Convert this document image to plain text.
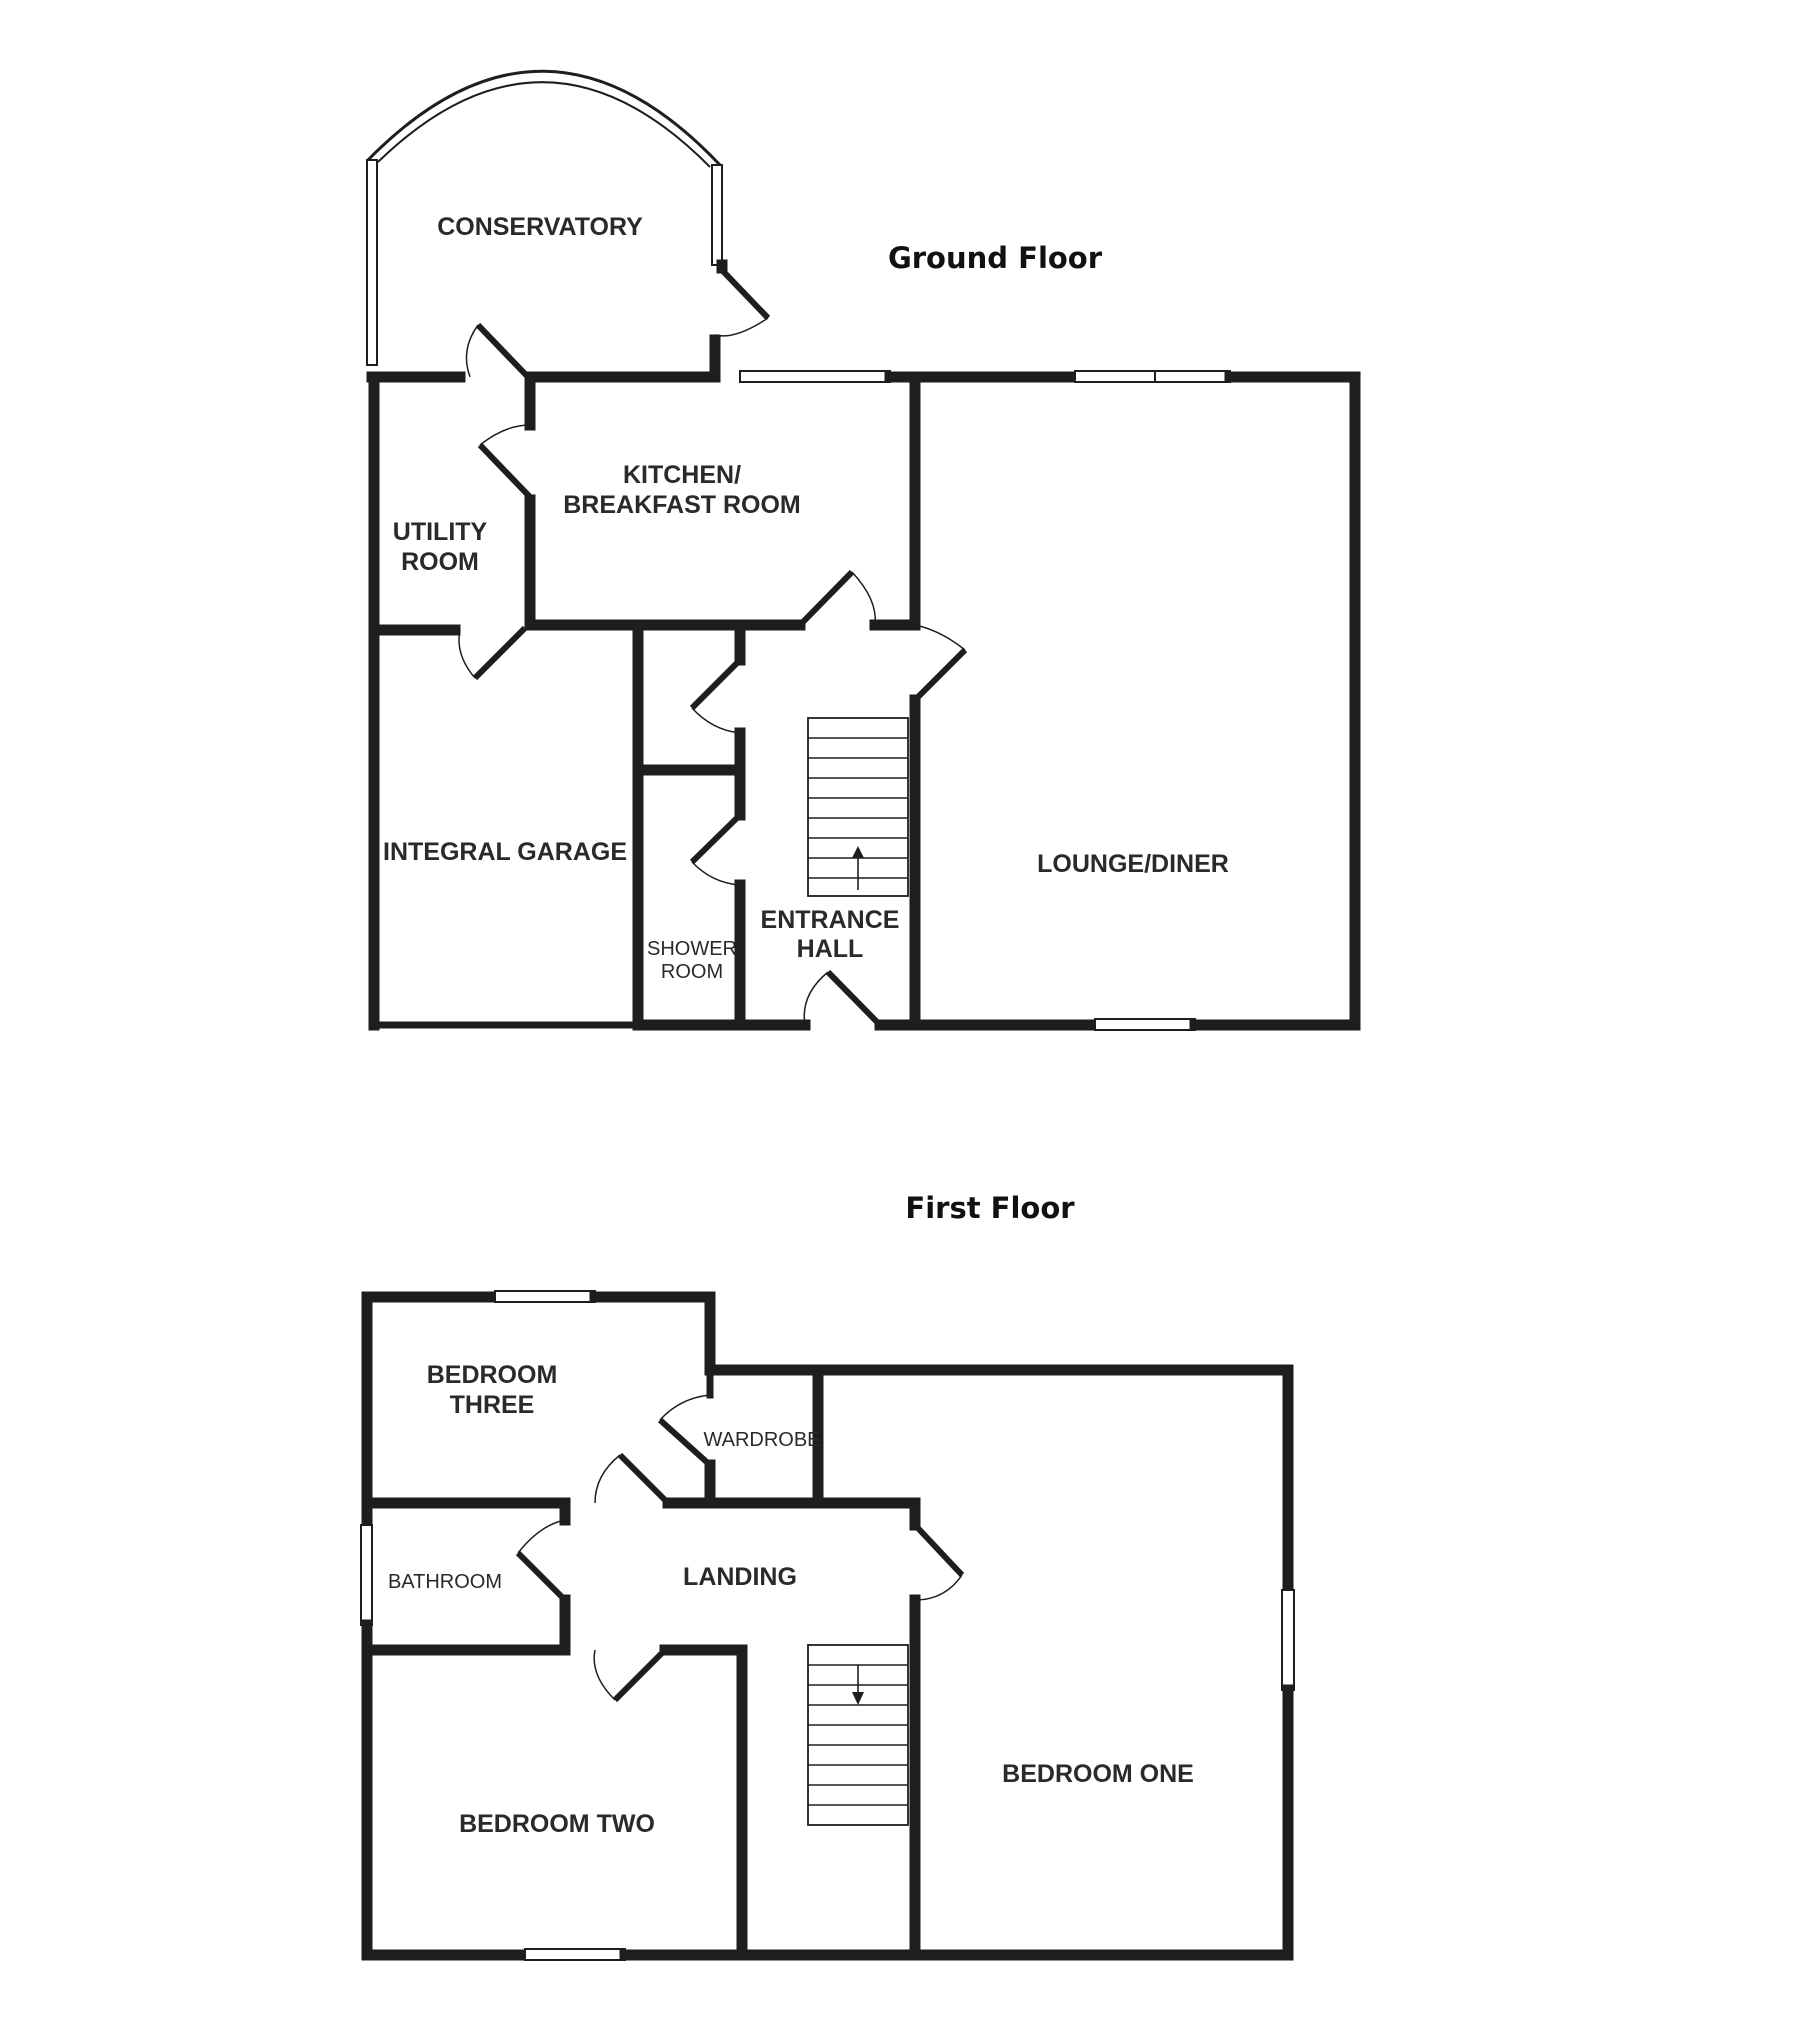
Ground Floor
CONSERVATORY
KITCHEN/
BREAKFAST ROOM
UTILITY
ROOM
INTEGRAL GARAGE
SHOWER
ROOM
ENTRANCE
HALL
LOUNGE/DINER
First Floor
BEDROOM
THREE
WARDROBE
BATHROOM	LANDING
BEDROOM TWO
BEDROOM ONE
